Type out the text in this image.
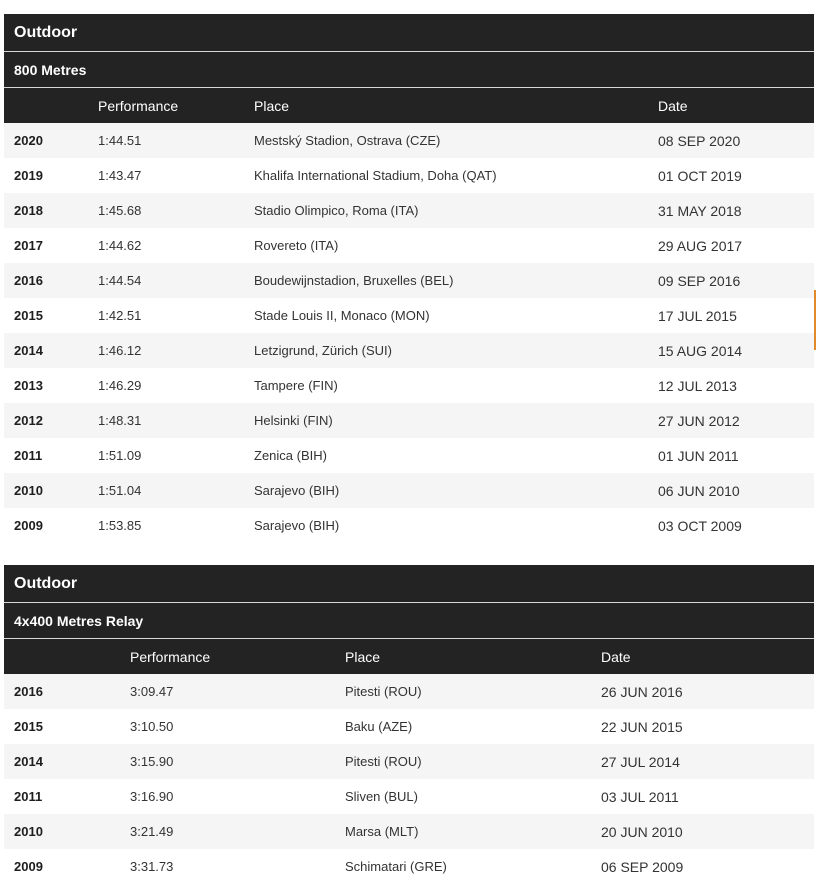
Outdoor
800 Metres
	Performance	Place	Date
2020	1:44.51	Mestský Stadion, Ostrava (CZE)	08 SEP 2020
2019	1:43.47	Khalifa International Stadium, Doha (QAT)	01 OCT 2019
2018	1:45.68	Stadio Olimpico, Roma (ITA)	31 MAY 2018
2017	1:44.62	Rovereto (ITA)	29 AUG 2017
2016	1:44.54	Boudewijnstadion, Bruxelles (BEL)	09 SEP 2016
2015	1:42.51	Stade Louis II, Monaco (MON)	17 JUL 2015
2014	1:46.12	Letzigrund, Zürich (SUI)	15 AUG 2014
2013	1:46.29	Tampere (FIN)	12 JUL 2013
2012	1:48.31	Helsinki (FIN)	27 JUN 2012
2011	1:51.09	Zenica (BIH)	01 JUN 2011
2010	1:51.04	Sarajevo (BIH)	06 JUN 2010
2009	1:53.85	Sarajevo (BIH)	03 OCT 2009
Outdoor
4x400 Metres Relay
	Performance	Place	Date
2016	3:09.47	Pitesti (ROU)	26 JUN 2016
2015	3:10.50	Baku (AZE)	22 JUN 2015
2014	3:15.90	Pitesti (ROU)	27 JUL 2014
2011	3:16.90	Sliven (BUL)	03 JUL 2011
2010	3:21.49	Marsa (MLT)	20 JUN 2010
2009	3:31.73	Schimatari (GRE)	06 SEP 2009
